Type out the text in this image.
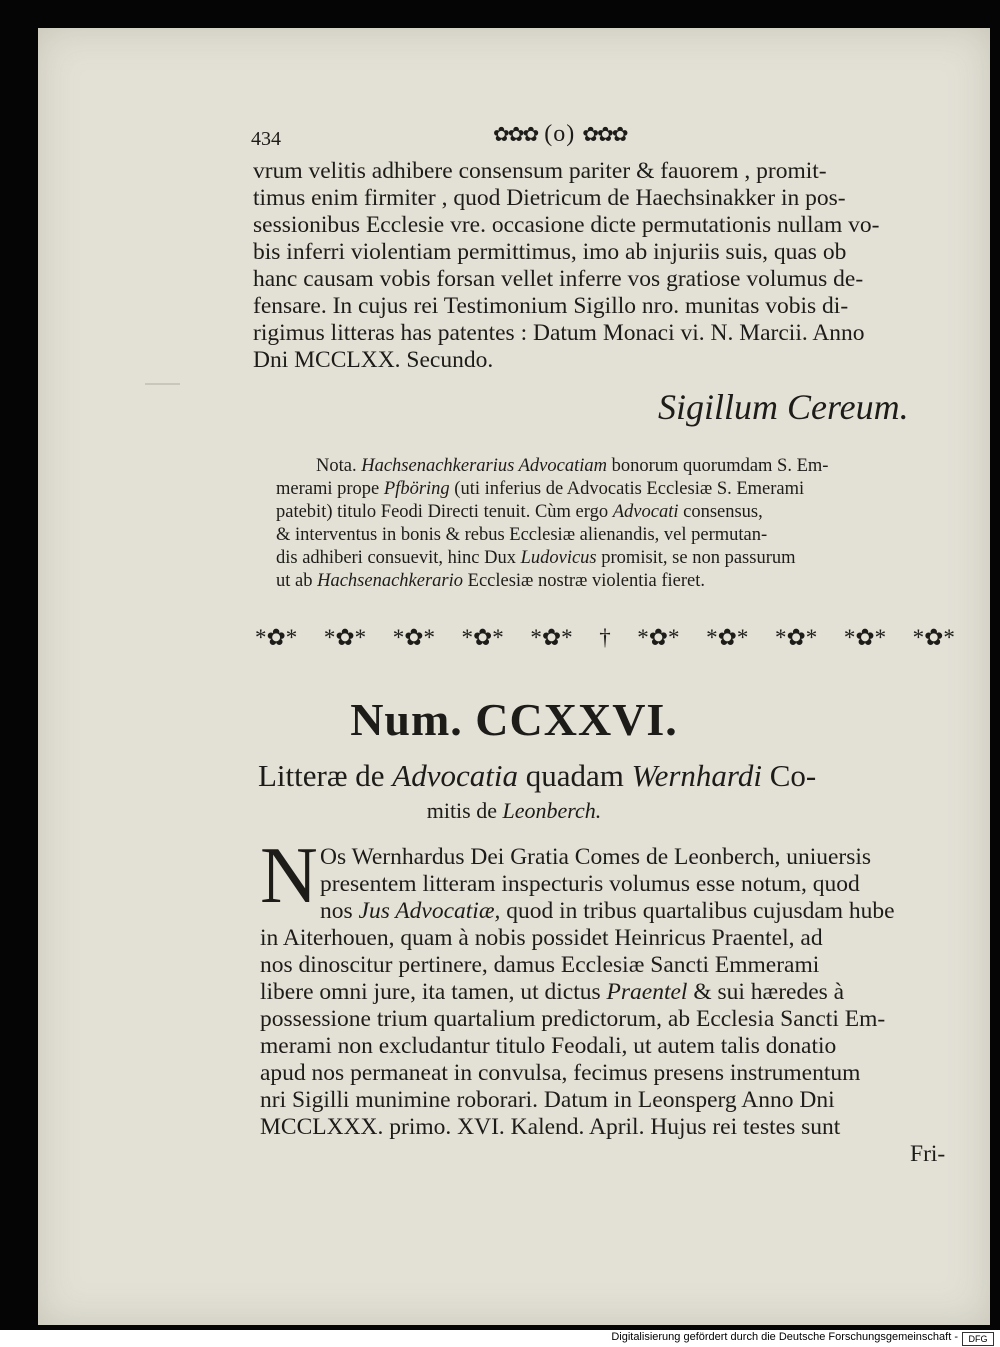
434	✿✿✿ (o) ✿✿✿
vrum velitis adhibere consensum pariter & fauorem , promit-
timus enim firmiter , quod Dietricum de Haechsinakker in pos-
sessionibus Ecclesie vre. occasione dicte permutationis nullam vo-
bis inferri violentiam permittimus, imo ab injuriis suis, quas ob
hanc causam vobis forsan vellet inferre vos gratiose volumus de-
fensare. In cujus rei Testimonium Sigillo nro. munitas vobis di-
rigimus litteras has patentes : Datum Monaci vi. N. Marcii. Anno
Dni MCCLXX. Secundo.
Sigillum Cereum.
Nota. Hachsenachkerarius Advocatiam bonorum quorumdam S. Em-
merami prope Pfböring (uti inferius de Advocatis Ecclesiæ S. Emerami
patebit) titulo Feodi Directi tenuit. Cùm ergo Advocati consensus,
& interventus in bonis & rebus Ecclesiæ alienandis, vel permutan-
dis adhiberi consuevit, hinc Dux Ludovicus promisit, se non passurum
ut ab Hachsenachkerario Ecclesiæ nostræ violentia fieret.
*✿* *✿* *✿* *✿* *✿* † *✿* *✿* *✿* *✿* *✿*
Num. CCXXVI.
Litteræ de Advocatia quadam Wernhardi Co-
mitis de Leonberch.
N Os Wernhardus Dei Gratia Comes de Leonberch, uniuersis
presentem litteram inspecturis volumus esse notum, quod
nos Jus Advocatiæ, quod in tribus quartalibus cujusdam hube
in Aiterhouen, quam à nobis possidet Heinricus Praentel, ad
nos dinoscitur pertinere, damus Ecclesiæ Sancti Emmerami
libere omni jure, ita tamen, ut dictus Praentel & sui hæredes à
possessione trium quartalium predictorum, ab Ecclesia Sancti Em-
merami non excludantur titulo Feodali, ut autem talis donatio
apud nos permaneat in convulsa, fecimus presens instrumentum
nri Sigilli munimine roborari. Datum in Leonsperg Anno Dni
MCCLXXX. primo. XVI. Kalend. April. Hujus rei testes sunt
Fri-
Digitalisierung gefördert durch die Deutsche Forschungsgemeinschaft -	DFG
